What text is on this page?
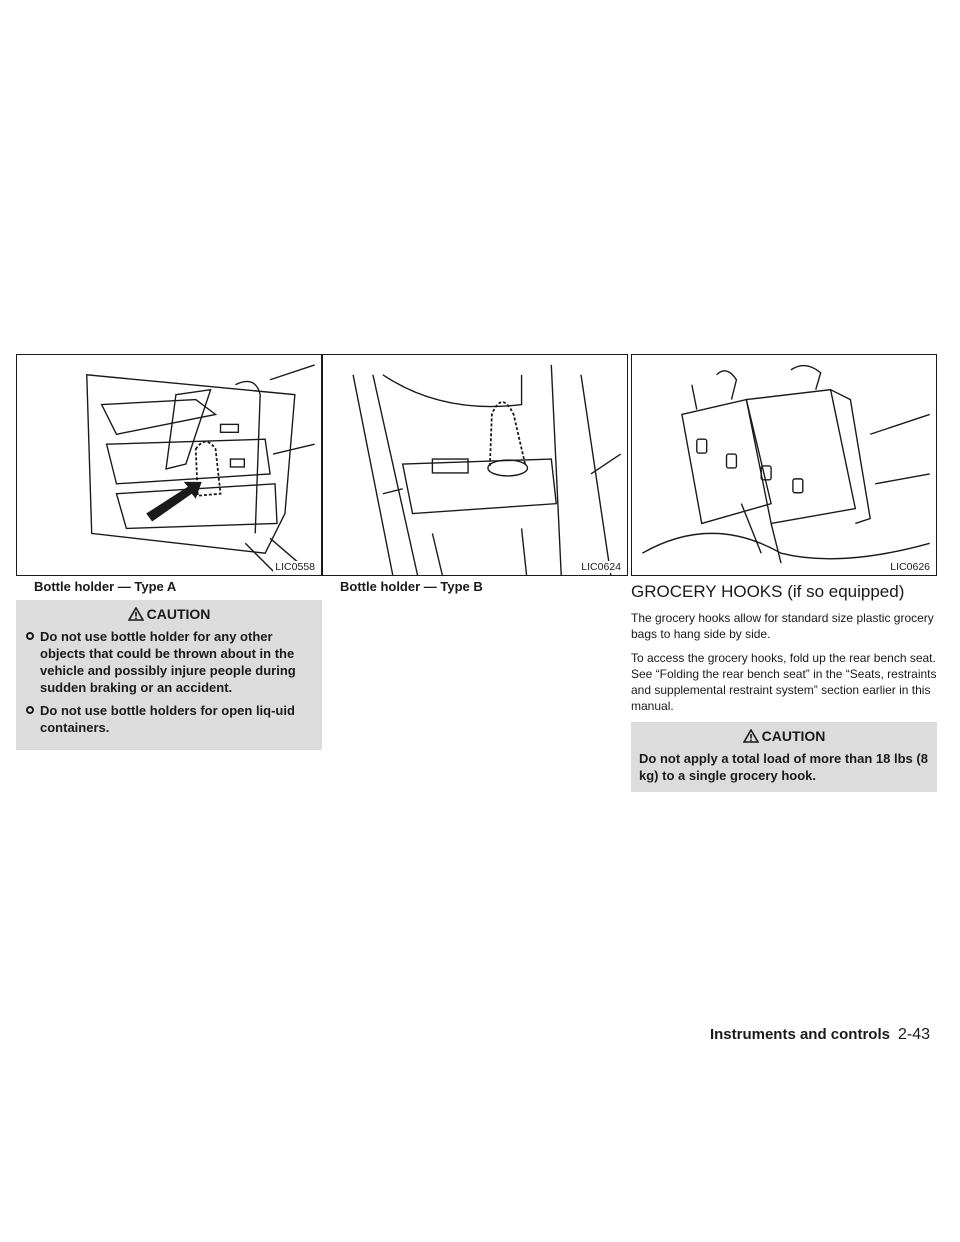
LIC0558
Bottle holder — Type A
CAUTION
Do not use bottle holder for any other objects that could be thrown about in the vehicle and possibly injure people during sudden braking or an accident.
Do not use bottle holders for open liq-uid containers.
LIC0624
Bottle holder — Type B
LIC0626
GROCERY HOOKS (if so equipped)

The grocery hooks allow for standard size plastic grocery bags to hang side by side.

To access the grocery hooks, fold up the rear bench seat. See “Folding the rear bench seat” in the “Seats, restraints and supplemental restraint system” section earlier in this manual.

CAUTION
Do not apply a total load of more than 18 lbs (8 kg) to a single grocery hook.
Instruments and controls 2-43
